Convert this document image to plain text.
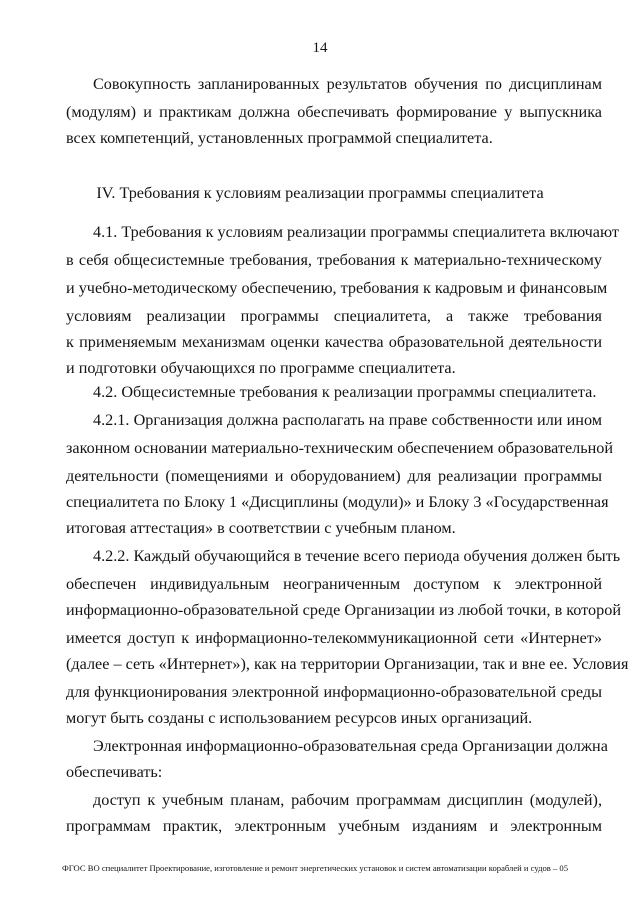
14
Совокупность запланированных результатов обучения по дисциплинам
(модулям) и практикам должна обеспечивать формирование у выпускника
всех компетенций, установленных программой специалитета.
IV. Требования к условиям реализации программы специалитета
4.1. Требования к условиям реализации программы специалитета включают
в себя общесистемные требования, требования к материально-техническому
и учебно-методическому обеспечению, требования к кадровым и финансовым
условиям реализации программы специалитета, а также требования
к применяемым механизмам оценки качества образовательной деятельности
и подготовки обучающихся по программе специалитета.
4.2. Общесистемные требования к реализации программы специалитета.
4.2.1. Организация должна располагать на праве собственности или ином
законном основании материально-техническим обеспечением образовательной
деятельности (помещениями и оборудованием) для реализации программы
специалитета по Блоку 1 «Дисциплины (модули)» и Блоку 3 «Государственная
итоговая аттестация» в соответствии с учебным планом.
4.2.2. Каждый обучающийся в течение всего периода обучения должен быть
обеспечен индивидуальным неограниченным доступом к электронной
информационно-образовательной среде Организации из любой точки, в которой
имеется доступ к информационно-телекоммуникационной сети «Интернет»
(далее – сеть «Интернет»), как на территории Организации, так и вне ее. Условия
для функционирования электронной информационно-образовательной среды
могут быть созданы с использованием ресурсов иных организаций.
Электронная информационно-образовательная среда Организации должна
обеспечивать:
доступ к учебным планам, рабочим программам дисциплин (модулей),
программам практик, электронным учебным изданиям и электронным
ФГОС ВО специалитет Проектирование, изготовление и ремонт энергетических установок и систем автоматизации кораблей и судов – 05
